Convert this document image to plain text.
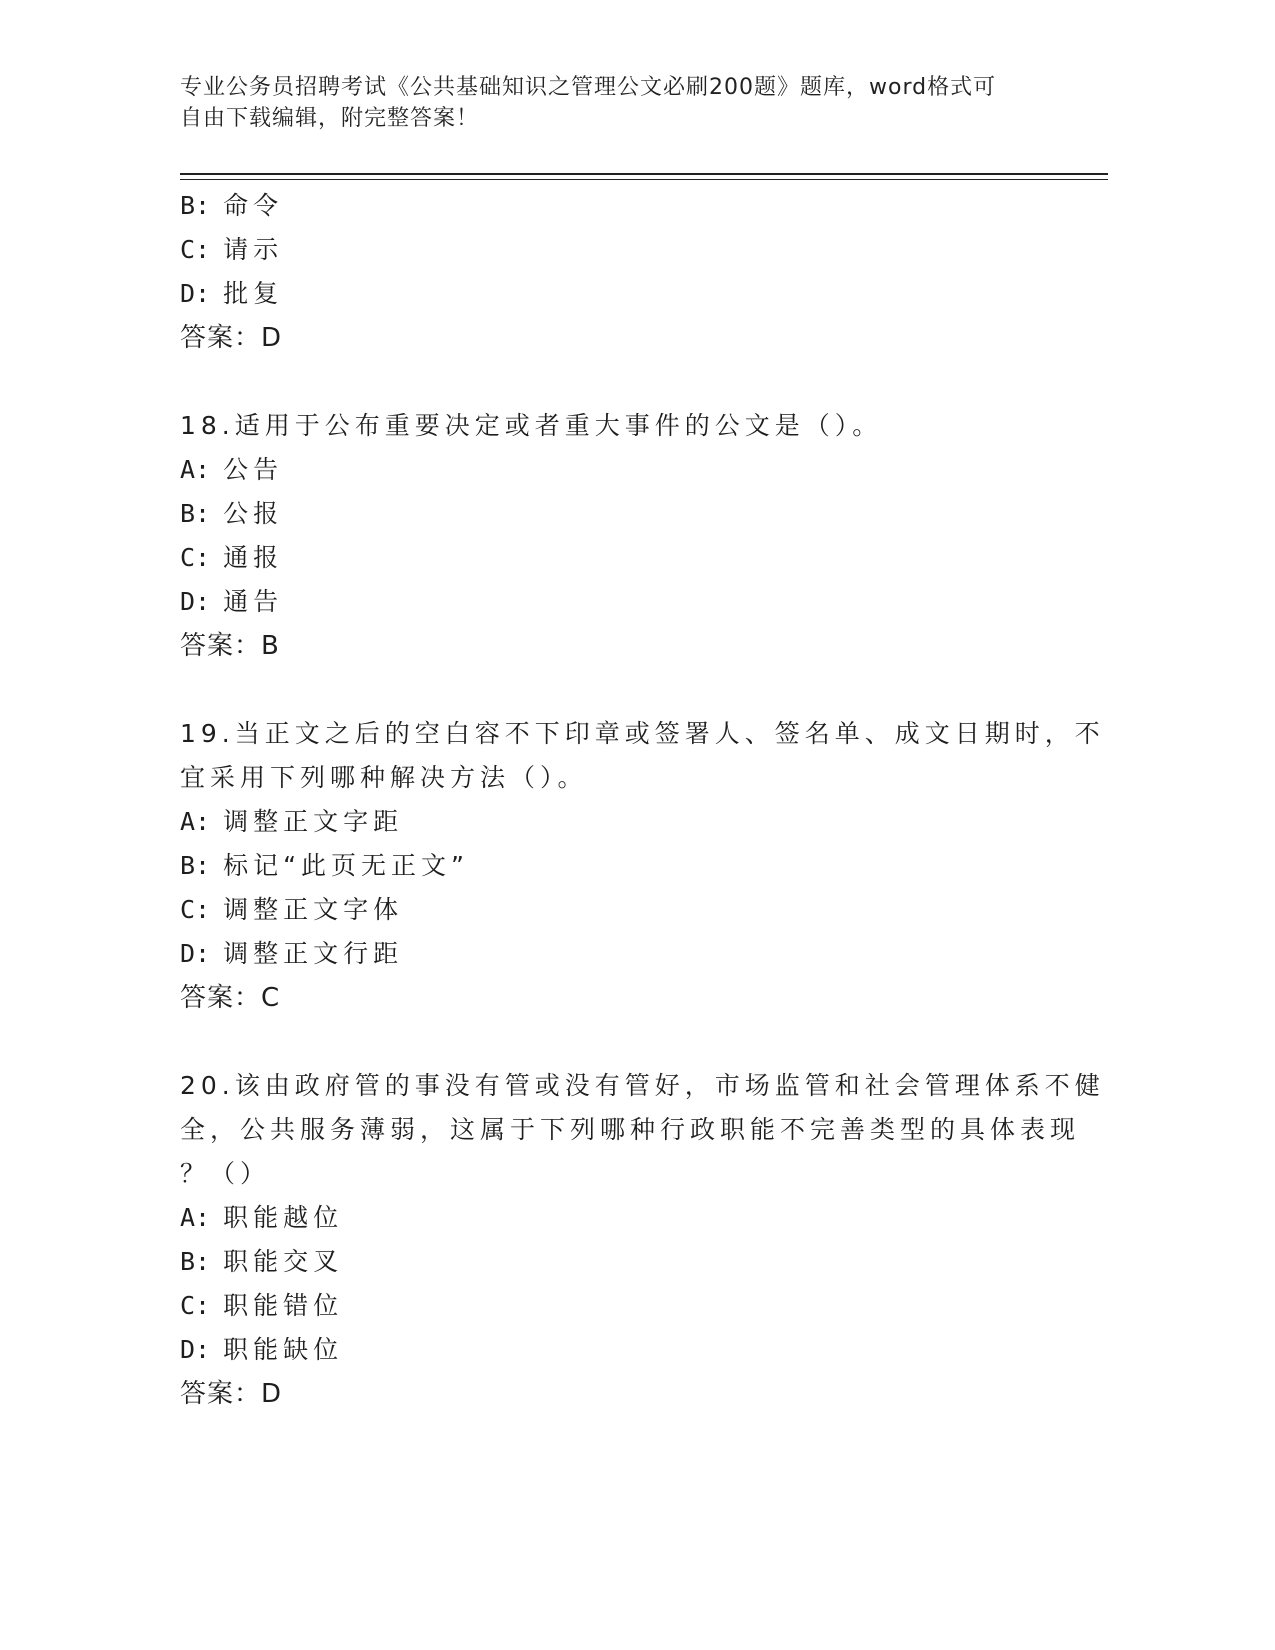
专业公务员招聘考试《公共基础知识之管理公文必刷200题》题库，word格式可
自由下载编辑，附完整答案！
B: 命令
C: 请示
D: 批复
答案：D
18.适用于公布重要决定或者重大事件的公文是（）。
A: 公告
B: 公报
C: 通报
D: 通告
答案：B
19.当正文之后的空白容不下印章或签署人、签名单、成文日期时，不
宜采用下列哪种解决方法（）。
A: 调整正文字距
B: 标记“此页无正文”
C: 调整正文字体
D: 调整正文行距
答案：C
20.该由政府管的事没有管或没有管好，市场监管和社会管理体系不健
全，公共服务薄弱，这属于下列哪种行政职能不完善类型的具体表现
？（）
A: 职能越位
B: 职能交叉
C: 职能错位
D: 职能缺位
答案：D
